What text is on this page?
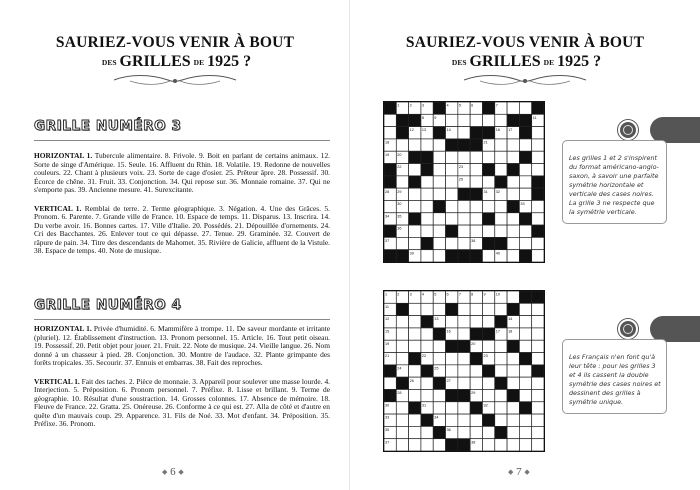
SAURIEZ-VOUS VENIR À BOUT
DES GRILLES DE 1925 ?
GRILLE NUMÉRO 3

HORIZONTAL 1. Tubercule alimentaire. 8. Frivole. 9. Boit en parlant de certains animaux. 12. Sorte de singe d'Amérique. 15. Seule. 16. Affluent du Rhin. 18. Volatile. 19. Redonne de nouvelles couleurs. 22. Chant à plusieurs voix. 23. Sorte de cage d'osier. 25. Prêteur âpre. 28. Possessif. 30. Écorce de chêne. 31. Fruit. 33. Conjonction. 34. Qui repose sur. 36. Monnaie romaine. 37. Qui ne s'emporte pas. 39. Ancienne mesure. 41. Surexcitante.

VERTICAL 1. Remblai de terre. 2. Terme géographique. 3. Négation. 4. Une des Grâces. 5. Pronom. 6. Parente. 7. Grande ville de France. 10. Espace de temps. 11. Disparus. 13. Inscrira. 14. Du verbe avoir. 16. Bonnes cartes. 17. Ville d'Italie. 20. Possédés. 21. Dépouillée d'ornements. 24. Cri des Bacchantes. 26. Enlever tout ce qui dépasse. 27. Tenue. 29. Graminée. 32. Couvert de râpure de pain. 34. Titre des descendants de Mahomet. 35. Rivière de Galicie, affluent de la Vistule. 38. Espace de temps. 40. Note de musique.

GRILLE NUMÉRO 4

HORIZONTAL 1. Privée d'humidité. 6. Mammifère à trompe. 11. De saveur mordante et irritante (pluriel). 12. Établissement d'instruction. 13. Pronom personnel. 15. Article. 16. Tout petit oiseau. 19. Possessif. 20. Petit objet pour jouer. 21. Fruit. 22. Note de musique. 24. Vieille langue. 26. Nom donné à un chasseur à pied. 28. Conjonction. 30. Montre de l'audace. 32. Plante grimpante des forêts tropicales. 35. Secourir. 37. Ennuis et embarras. 38. Fait des reproches.

VERTICAL 1. Fait des taches. 2. Pièce de monnaie. 3. Appareil pour soulever une masse lourde. 4. Interjection. 5. Préposition. 6. Pronom personnel. 7. Préfixe. 8. Lisse et brillant. 9. Terme de géographie. 10. Résultat d'une soustraction. 14. Grosses colonnes. 17. Absence de mémoire. 18. Fleuve de France. 22. Gratta. 25. Onéreuse. 26. Conforme à ce qui est. 27. Alla de côté et d'autre en quête d'un mauvais coup. 29. Apparence. 31. Fils de Noé. 33. Mot d'enfant. 34. Préposition. 35. Préfixe. 36. Pronom.

◆ 6 ◆
SAURIEZ-VOUS VENIR À BOUT
DES GRILLES DE 1925 ?
◆ 7 ◆
1	2	3	4	5	6	7
8	9	11
12 13	14	16 17
18	21
19 20
22	23
24	25
28 29	31 32
30	33
34 35
36
37	38
39	40
1	2	3	4	5	6	7	8	9	10
11
12	13	14
15	16	17 18
19	20
21	22	23
24	25
26	27
28	29
30	31	32
33	34
35	36
37	38
Les grilles 1 et 2 s'inspirent du format américano-anglo-saxon, à savoir une parfaite symétrie horizontale et verticale des cases noires. La grille 3 ne respecte que la symétrie verticale.
Les Français n'en font qu'à leur tête : pour les grilles 3 et 4 ils cassent la double symétrie des cases noires et dessinent des grilles à symétrie unique.
